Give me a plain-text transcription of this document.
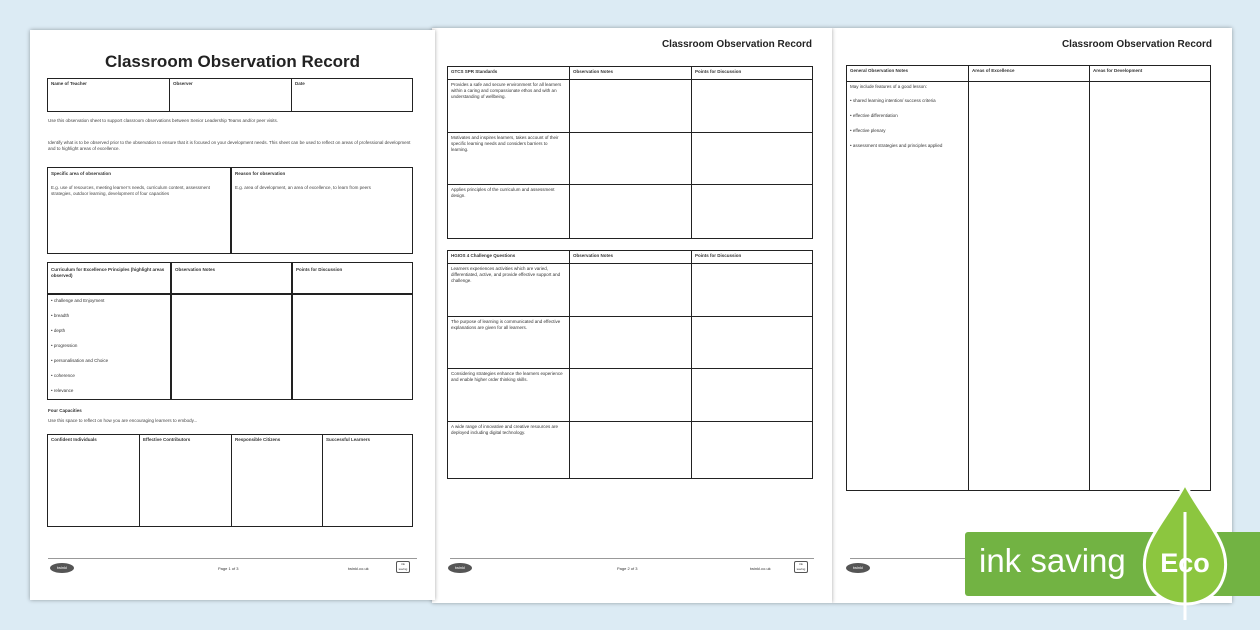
Classroom Observation Record
Name of Teacher	Observer	Date
Use this observation sheet to support classroom observations between Senior Leadership Teams and/or peer visits.
Identify what is to be observed prior to the observation to ensure that it is focused on your development needs. This sheet can be used to reflect on areas of professional development and to highlight areas of excellence.
Specific area of observation
E.g. use of resources, meeting learner’s needs, curriculum content, assessment strategies, outdoor learning, development of four capacities
Reason for observation
E.g. area of development, an area of excellence, to learn from peers
Curriculum for Excellence Principles (highlight areas observed)
Observation Notes	Points for Discussion
• challenge and Enjoyment
• breadth
• depth
• progression
• personalisation and Choice
• coherence
• relevance
Four Capacities
Use this space to reflect on how you are encouraging learners to embody...
Confident Individuals	Effective Contributors	Responsible Citizens	Successful Learners
twinkl	Page 1 of 3	twinkl.co.uk
ink saving
Classroom Observation Record
GTCS SPR Standards	Observation Notes	Points for Discussion
Provides a safe and secure environment for all learners within a caring and compassionate ethos and with an understanding of wellbeing.
Motivates and inspires learners, takes account of their specific learning needs and considers barriers to learning.
Applies principles of the curriculum and assessment design.
HGIOS 4 Challenge Questions	Observation Notes	Points for Discussion
Learners experiences activities which are varied, differentiated, active, and provide effective support and challenge.
The purpose of learning is communicated and effective explanations are given for all learners.
Considering strategies enhance the learners experience and enable higher order thinking skills.
A wide range of innovative and creative resources are deployed including digital technology.
twinkl	Page 2 of 3	twinkl.co.uk
ink saving
Classroom Observation Record
General Observation Notes	Areas of Excellence	Areas for Development
May include features of a good lesson:
• shared learning intention/ success criteria
• effective differentiation
• effective plenary
• assessment strategies and principles applied
twinkl	ink saving Eco
